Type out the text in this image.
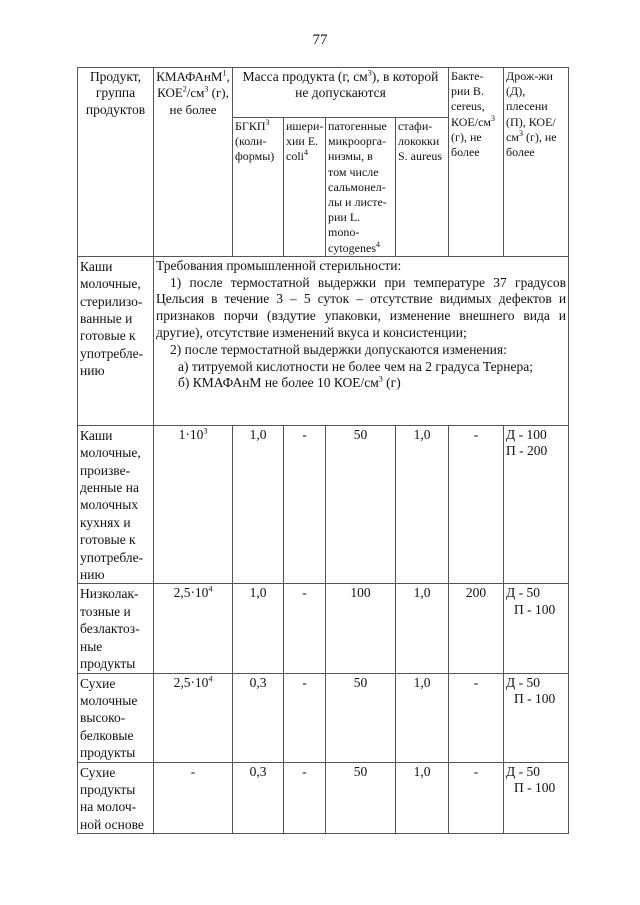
77
Продукт, группа продуктов	КМАФАнМ$^1$, $КОЕ^2/см^3$ (г), не более	Масса продукта (г, $см^3$), в которой не допускаются				Бакте-рии B. cereus, КОЕ/$см^3$ (г), не более	Дрож-жи (Д), плесени (П), КОЕ/$см^3$ (г), не более
		БГКП$^3$ (коли-формы)	ишери-хии E. coli$^4$	патогенные микроорга-низмы, в том числе сальмонел-лы и листе-рии L. mono-cytogenes$^4$	стафи-лококки S. aureus		
Каши молочные, стерилизо-ванные и готовые к употребле-нию	Требования промышленной стерильности:

1) после термостатной выдержки при температуре 37 градусов Цельсия в течение 3 – 5 суток – отсутствие видимых дефектов и признаков порчи (вздутие упаковки, изменение внешнего вида и другие), отсутствие изменений вкуса и консистенции;

2) после термостатной выдержки допускаются изменения:

а) титруемой кислотности не более чем на 2 градуса Тернера;

б) КМАФАнМ не более 10 КОЕ/$см^3$ (г)						

Каши молочные, произве-денные на молочных кухнях и готовые к употребле-нию	$1\cdot 10^3$	1,0	-	50	1,0	-	Д - 100
П - 200

Низколак-тозные и безлактоз-ные продукты	$2,5\cdot 10^4$	1,0	-	100	1,0	200	Д - 50
П - 100

Сухие молочные высоко-белковые продукты	$2,5\cdot 10^4$	0,3	-	50	1,0	-	Д - 50
П - 100

Сухие продукты на молоч-ной основе	-	0,3	-	50	1,0	-	Д - 50
П - 100
